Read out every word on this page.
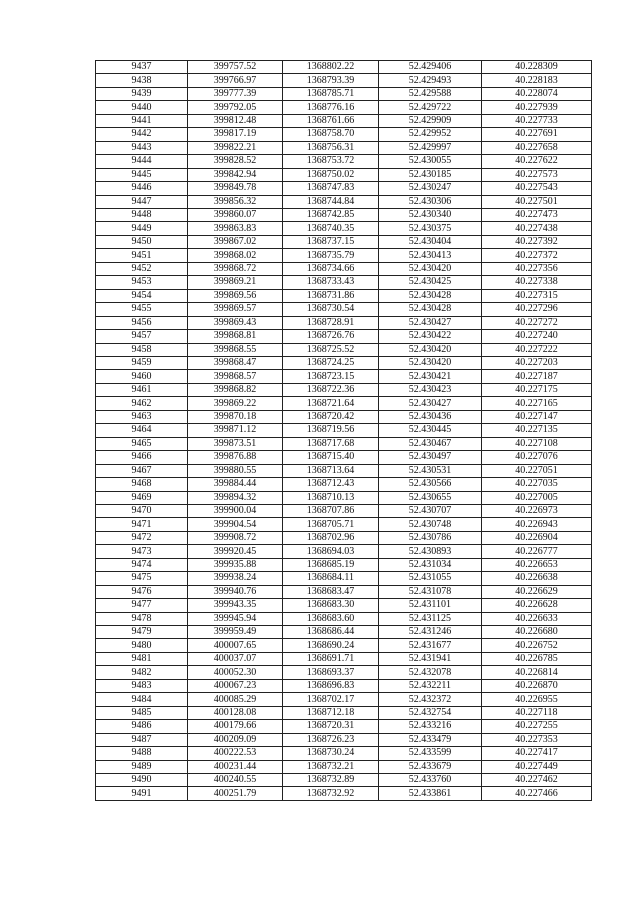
9437	399757.52	1368802.22	52.429406	40.228309
9438	399766.97	1368793.39	52.429493	40.228183
9439	399777.39	1368785.71	52.429588	40.228074
9440	399792.05	1368776.16	52.429722	40.227939
9441	399812.48	1368761.66	52.429909	40.227733
9442	399817.19	1368758.70	52.429952	40.227691
9443	399822.21	1368756.31	52.429997	40.227658
9444	399828.52	1368753.72	52.430055	40.227622
9445	399842.94	1368750.02	52.430185	40.227573
9446	399849.78	1368747.83	52.430247	40.227543
9447	399856.32	1368744.84	52.430306	40.227501
9448	399860.07	1368742.85	52.430340	40.227473
9449	399863.83	1368740.35	52.430375	40.227438
9450	399867.02	1368737.15	52.430404	40.227392
9451	399868.02	1368735.79	52.430413	40.227372
9452	399868.72	1368734.66	52.430420	40.227356
9453	399869.21	1368733.43	52.430425	40.227338
9454	399869.56	1368731.86	52.430428	40.227315
9455	399869.57	1368730.54	52.430428	40.227296
9456	399869.43	1368728.91	52.430427	40.227272
9457	399868.81	1368726.76	52.430422	40.227240
9458	399868.55	1368725.52	52.430420	40.227222
9459	399868.47	1368724.25	52.430420	40.227203
9460	399868.57	1368723.15	52.430421	40.227187
9461	399868.82	1368722.36	52.430423	40.227175
9462	399869.22	1368721.64	52.430427	40.227165
9463	399870.18	1368720.42	52.430436	40.227147
9464	399871.12	1368719.56	52.430445	40.227135
9465	399873.51	1368717.68	52.430467	40.227108
9466	399876.88	1368715.40	52.430497	40.227076
9467	399880.55	1368713.64	52.430531	40.227051
9468	399884.44	1368712.43	52.430566	40.227035
9469	399894.32	1368710.13	52.430655	40.227005
9470	399900.04	1368707.86	52.430707	40.226973
9471	399904.54	1368705.71	52.430748	40.226943
9472	399908.72	1368702.96	52.430786	40.226904
9473	399920.45	1368694.03	52.430893	40.226777
9474	399935.88	1368685.19	52.431034	40.226653
9475	399938.24	1368684.11	52.431055	40.226638
9476	399940.76	1368683.47	52.431078	40.226629
9477	399943.35	1368683.30	52.431101	40.226628
9478	399945.94	1368683.60	52.431125	40.226633
9479	399959.49	1368686.44	52.431246	40.226680
9480	400007.65	1368690.24	52.431677	40.226752
9481	400037.07	1368691.71	52.431941	40.226785
9482	400052.30	1368693.37	52.432078	40.226814
9483	400067.23	1368696.83	52.432211	40.226870
9484	400085.29	1368702.17	52.432372	40.226955
9485	400128.08	1368712.18	52.432754	40.227118
9486	400179.66	1368720.31	52.433216	40.227255
9487	400209.09	1368726.23	52.433479	40.227353
9488	400222.53	1368730.24	52.433599	40.227417
9489	400231.44	1368732.21	52.433679	40.227449
9490	400240.55	1368732.89	52.433760	40.227462
9491	400251.79	1368732.92	52.433861	40.227466
